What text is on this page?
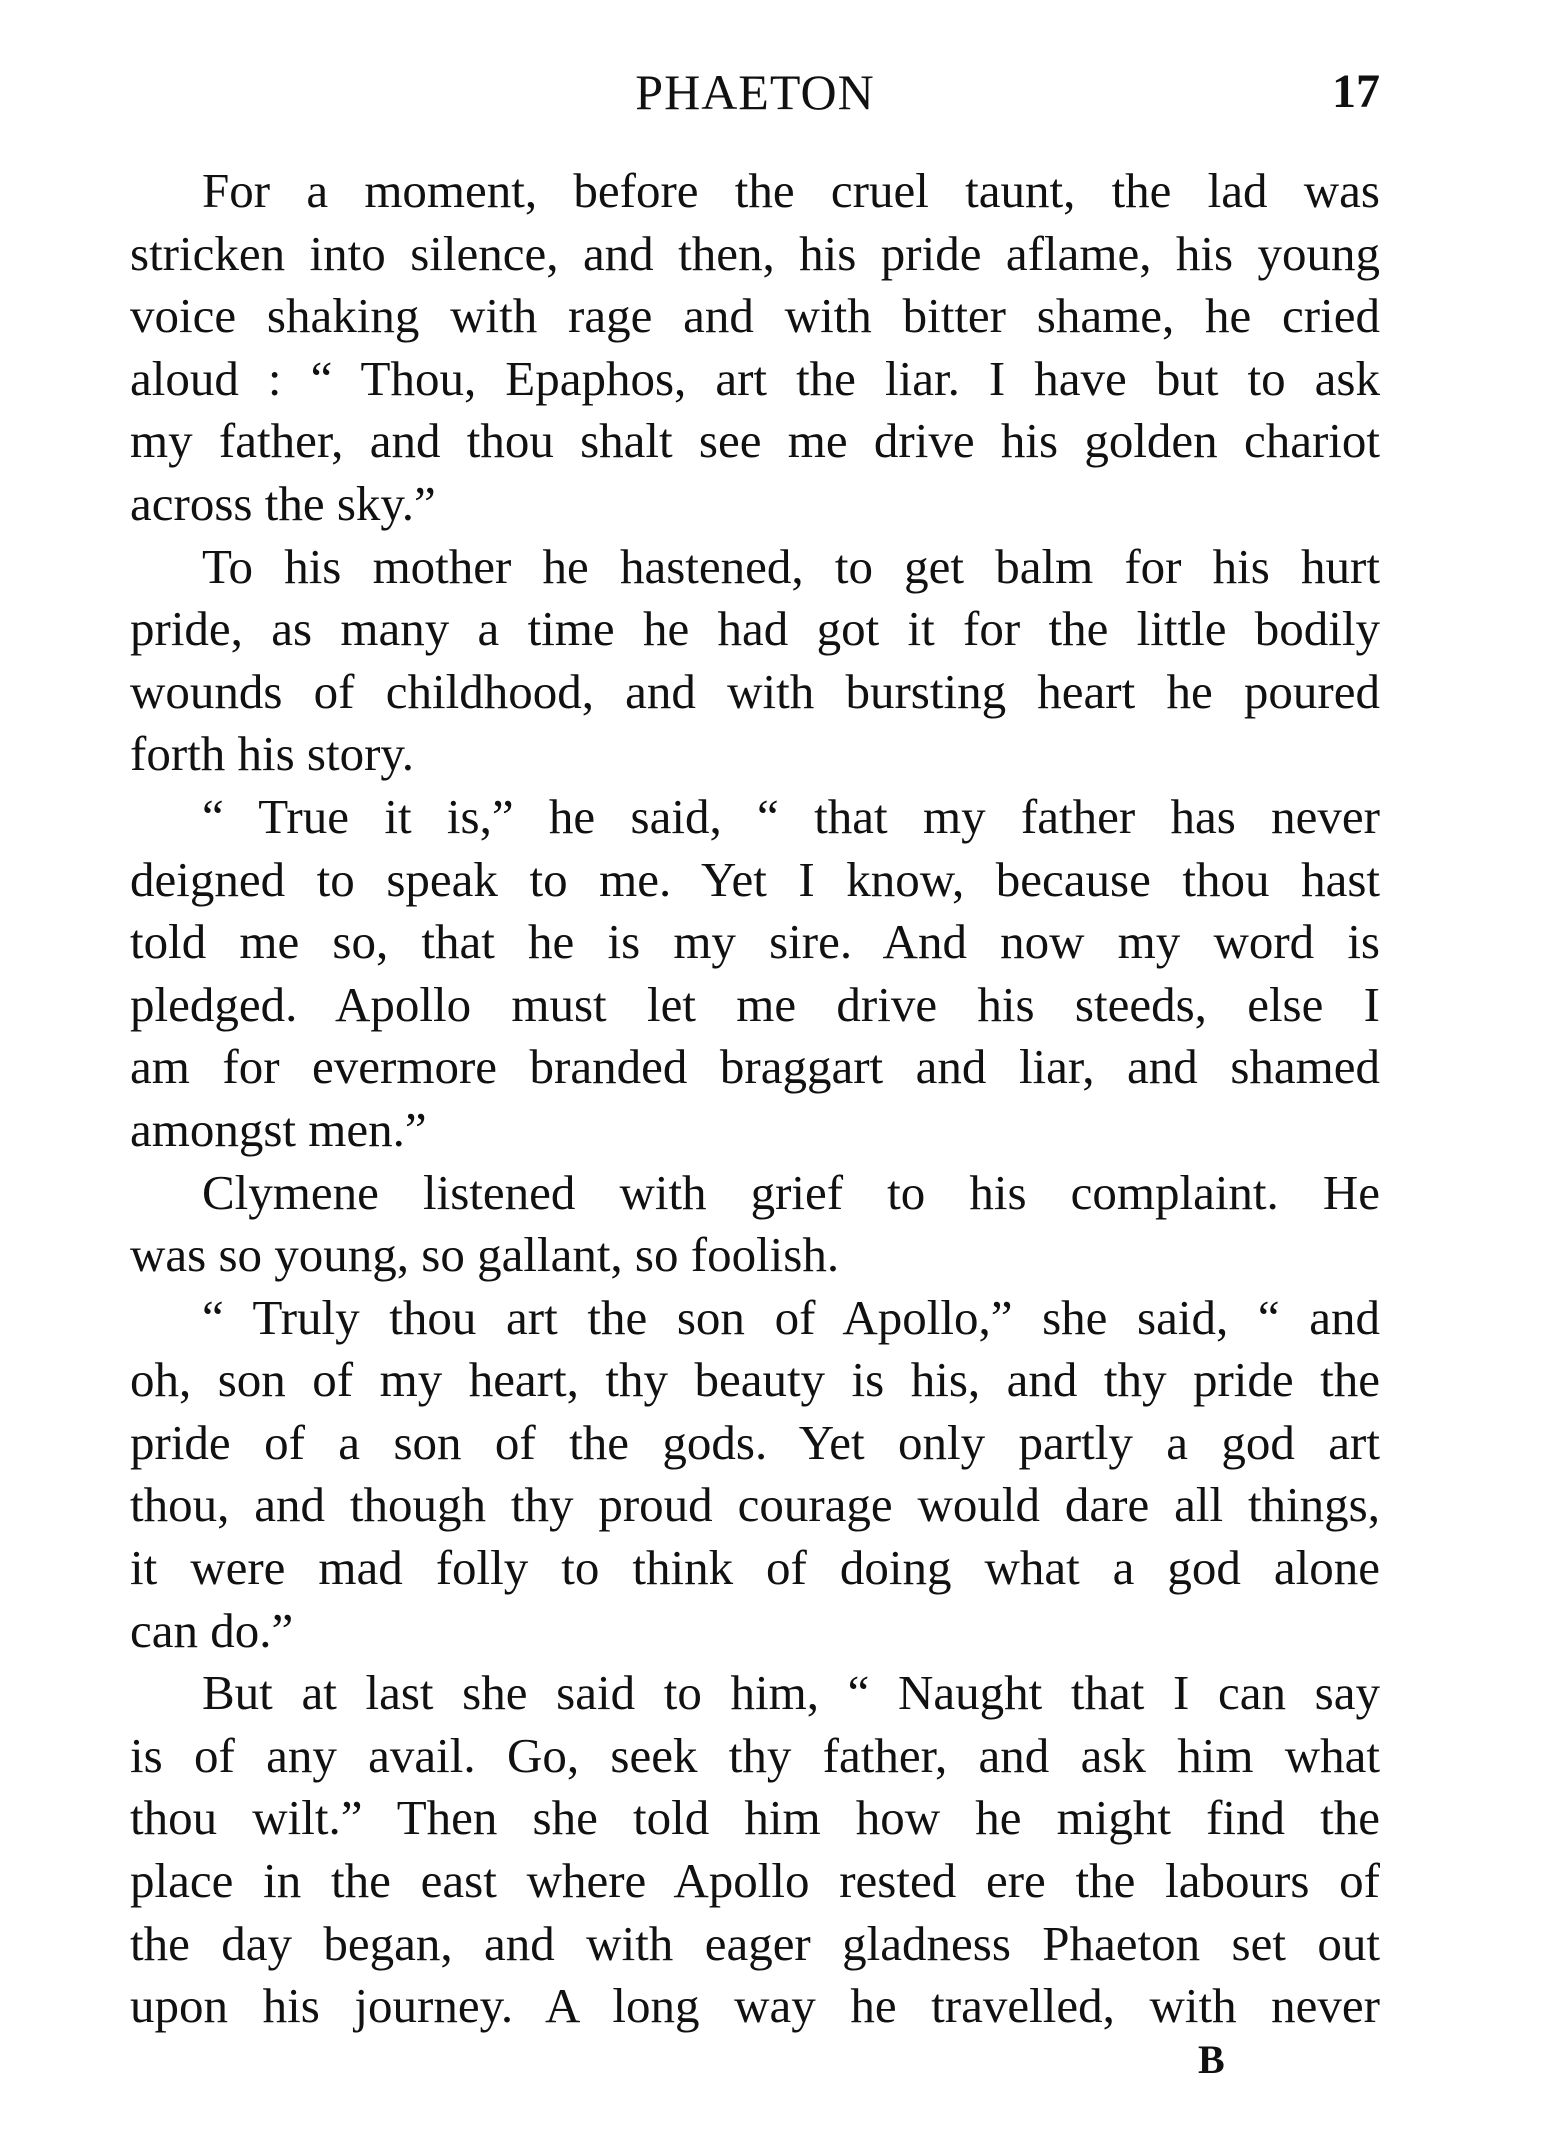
PHAETON	17
For a moment, before the cruel taunt, the lad was
stricken into silence, and then, his pride aflame, his young
voice shaking with rage and with bitter shame, he cried
aloud : “ Thou, Epaphos, art the liar. I have but to ask
my father, and thou shalt see me drive his golden chariot
across the sky.”
To his mother he hastened, to get balm for his hurt
pride, as many a time he had got it for the little bodily
wounds of childhood, and with bursting heart he poured
forth his story.
“ True it is,” he said, “ that my father has never
deigned to speak to me. Yet I know, because thou hast
told me so, that he is my sire. And now my word is
pledged. Apollo must let me drive his steeds, else I
am for evermore branded braggart and liar, and shamed
amongst men.”
Clymene listened with grief to his complaint. He
was so young, so gallant, so foolish.
“ Truly thou art the son of Apollo,” she said, “ and
oh, son of my heart, thy beauty is his, and thy pride the
pride of a son of the gods. Yet only partly a god art
thou, and though thy proud courage would dare all things,
it were mad folly to think of doing what a god alone
can do.”
But at last she said to him, “ Naught that I can say
is of any avail. Go, seek thy father, and ask him what
thou wilt.” Then she told him how he might find the
place in the east where Apollo rested ere the labours of
the day began, and with eager gladness Phaeton set out
upon his journey. A long way he travelled, with never
B
